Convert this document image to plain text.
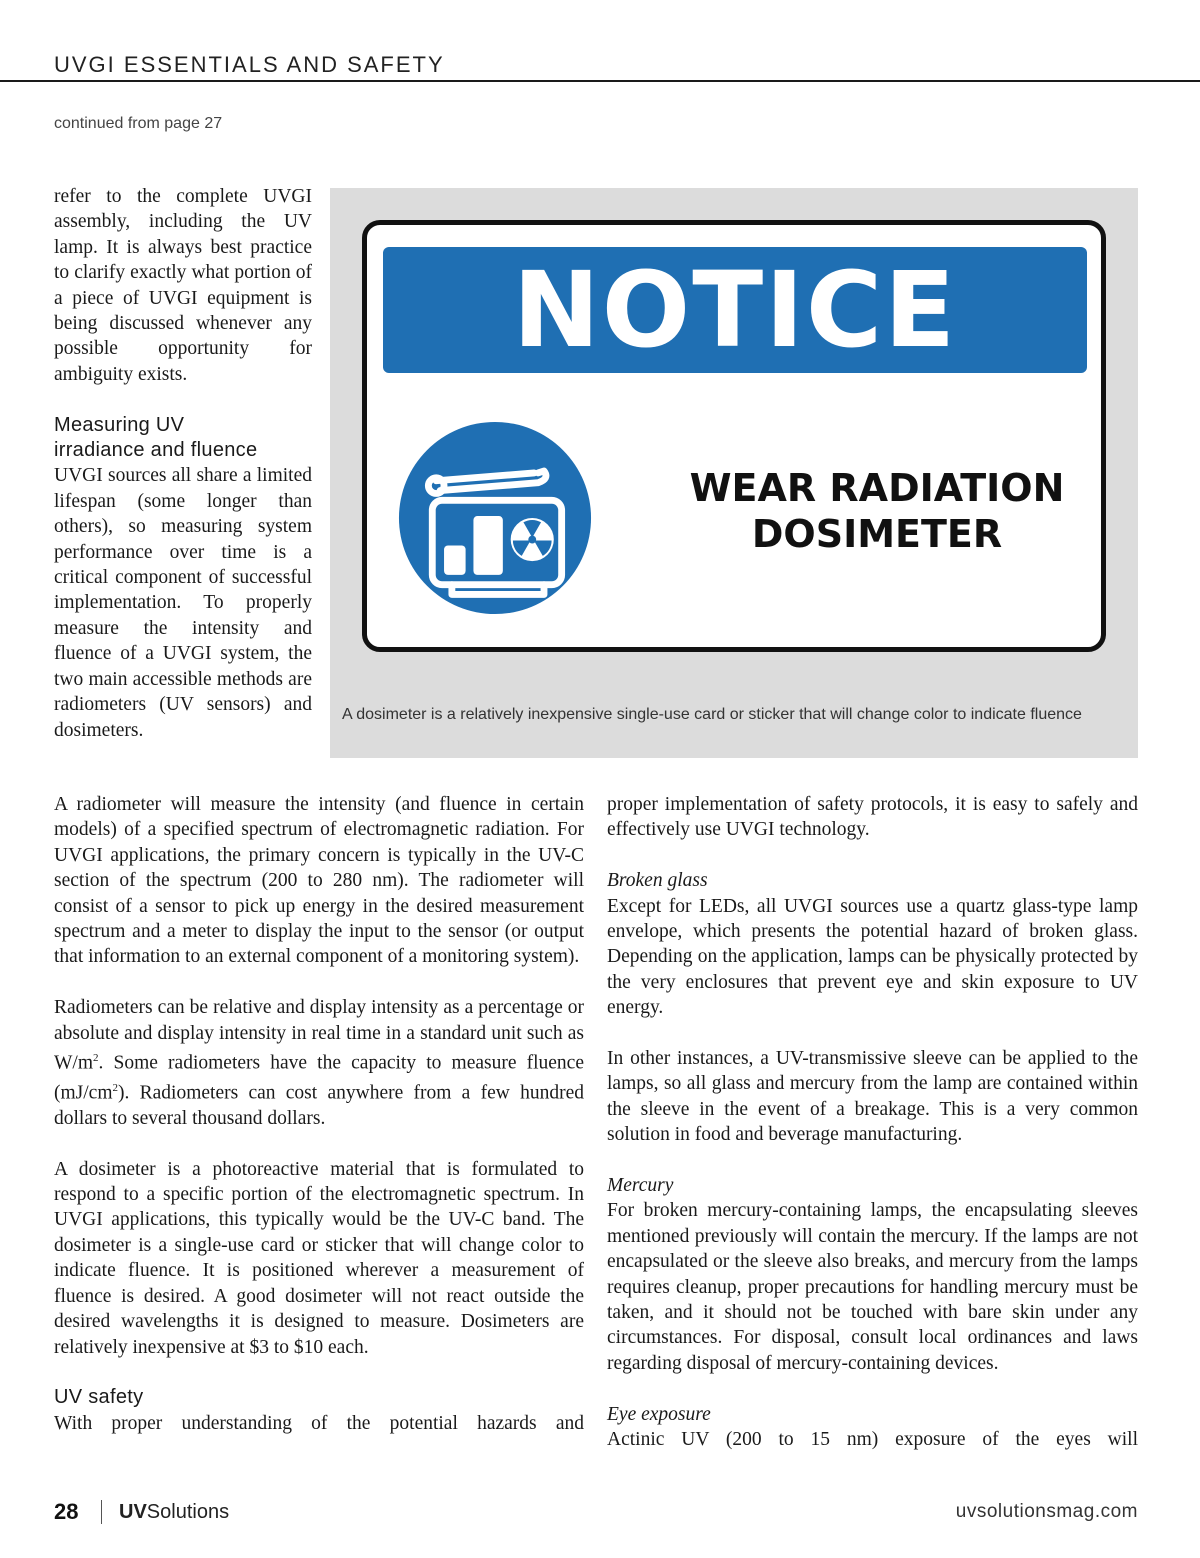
UVGI ESSENTIALS AND SAFETY
continued from page 27

refer to the complete UVGI assembly, including the UV lamp. It is always best practice to clarify exactly what portion of a piece of UVGI equipment is being discussed whenever any possible opportunity for ambiguity exists.

Measuring UV
irradiance and fluence

UVGI sources all share a limited lifespan (some longer than others), so measuring system performance over time is a critical component of successful implementation. To properly measure the intensity and fluence of a UVGI system, the two main accessible methods are radiometers (UV sensors) and dosimeters.

NOTICE
WEAR RADIATION
DOSIMETER
A dosimeter is a relatively inexpensive single-use card or sticker that will change color to indicate fluence

A radiometer will measure the intensity (and fluence in certain models) of a specified spectrum of electromagnetic radiation. For UVGI applications, the primary concern is typically in the UV-C section of the spectrum (200 to 280 nm). The radiometer will consist of a sensor to pick up energy in the desired measurement spectrum and a meter to display the input to the sensor (or output that information to an external component of a monitoring system).

Radiometers can be relative and display intensity as a percentage or absolute and display intensity in real time in a standard unit such as $W/m^2$. Some radiometers have the capacity to measure fluence $(mJ/cm^2)$. Radiometers can cost anywhere from a few hundred dollars to several thousand dollars.

A dosimeter is a photoreactive material that is formulated to respond to a specific portion of the electromagnetic spectrum. In UVGI applications, this typically would be the UV-C band. The dosimeter is a single-use card or sticker that will change color to indicate fluence. It is positioned wherever a measurement of fluence is desired. A good dosimeter will not react outside the desired wavelengths it is designed to measure. Dosimeters are relatively inexpensive at $3 to $10 each.

UV safety

With proper understanding of the potential hazards and

proper implementation of safety protocols, it is easy to safely and effectively use UVGI technology.

Broken glass

Except for LEDs, all UVGI sources use a quartz glass-type lamp envelope, which presents the potential hazard of broken glass. Depending on the application, lamps can be physically protected by the very enclosures that prevent eye and skin exposure to UV energy.

In other instances, a UV-transmissive sleeve can be applied to the lamps, so all glass and mercury from the lamp are contained within the sleeve in the event of a breakage. This is a very common solution in food and beverage manufacturing.

Mercury

For broken mercury-containing lamps, the encapsulating sleeves mentioned previously will contain the mercury. If the lamps are not encapsulated or the sleeve also breaks, and mercury from the lamps requires cleanup, proper precautions for handling mercury must be taken, and it should not be touched with bare skin under any circumstances. For disposal, consult local ordinances and laws regarding disposal of mercury-containing devices.

Eye exposure

Actinic UV (200 to 15 nm) exposure of the eyes will

28 UVSolutions	uvsolutionsmag.com
